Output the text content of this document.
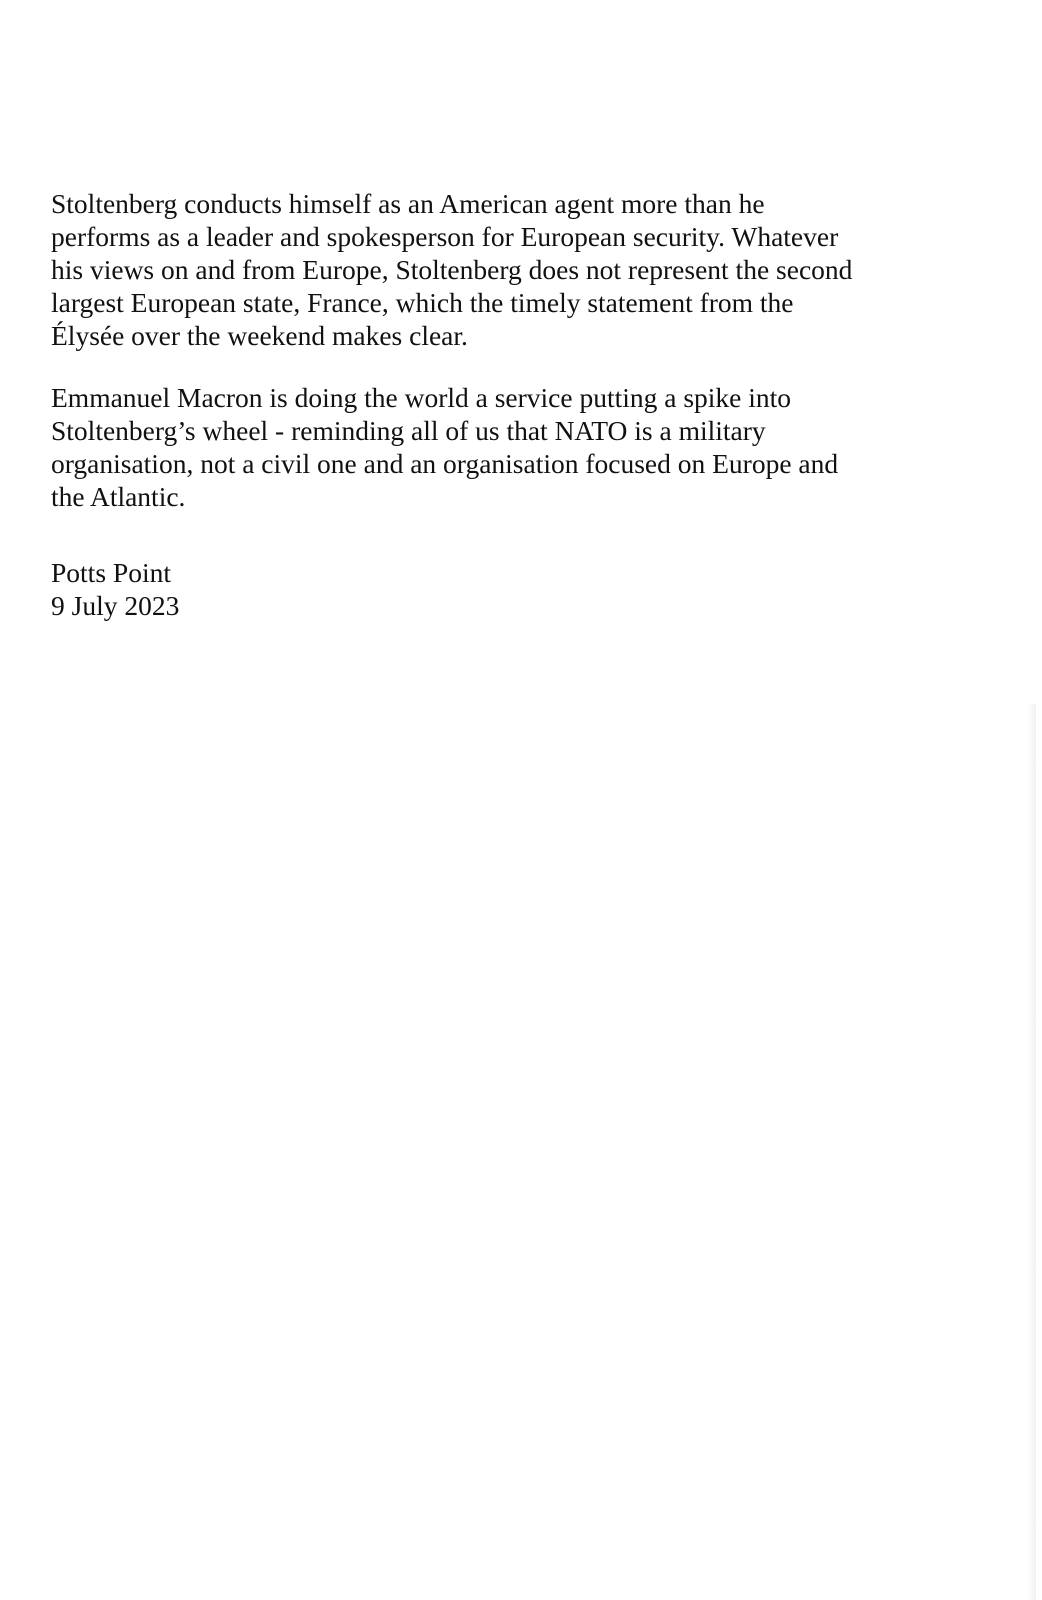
Stoltenberg conducts himself as an American agent more than he
performs as a leader and spokesperson for European security. Whatever
his views on and from Europe, Stoltenberg does not represent the second
largest European state, France, which the timely statement from the
Élysée over the weekend makes clear.

Emmanuel Macron is doing the world a service putting a spike into
Stoltenberg’s wheel - reminding all of us that NATO is a military
organisation, not a civil one and an organisation focused on Europe and
the Atlantic.

Potts Point
9 July 2023
